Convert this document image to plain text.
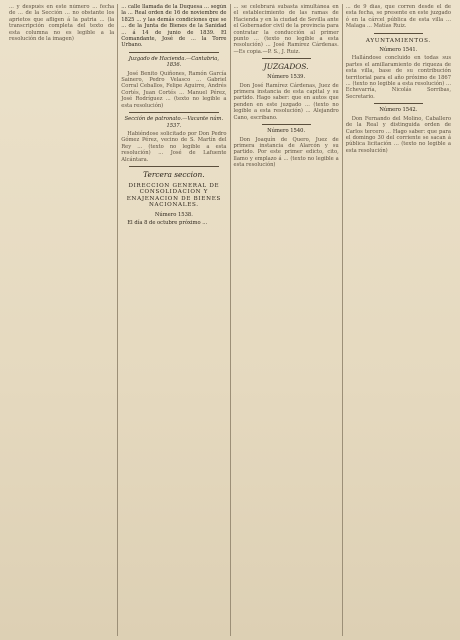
... y después en este número ... fecha de ... de la Sección ... no obstante los aprietos que afligen á la patria ... (la transcripción completa del texto de esta columna no es legible a la resolución de la imagen)

... calle llamada de la Duquesa ... según la ... Real orden de 16 de noviembre de 1825 ... y las demás condiciones que se ... de la Junta de Bienes de la Sanidad ... á 14 de junio de 1839. El Comandante, José de ... la Torre Urbano.

Juzgado de Hacienda.—Cantabria, 1836.

José Benito Quiñones, Ramón García Sainero, Pedro Velasco ... Gabriel Corral Ceballos, Felipe Aguirre, Andrés Cortés, Juan Cortés ... Manuel Pérez, José Rodríguez ... (texto no legible a esta resolución)

Sección de patronato.—Vacante núm. 1537.

Habiéndose solicitado por Don Pedro Gómez Pérez, vecino de S. Martín del Rey ... (texto no legible a esta resolución) ... José de Lafuente Alcántara.

Tercera seccion.

DIRECCION GENERAL DE CONSOLIDACION Y ENAJENACION DE BIENES NACIONALES.

Número 1538.

El día 8 de octubre próximo ...

... se celebrará subasta simultánea en el establecimiento de las ramas de Hacienda y en la ciudad de Sevilla ante el Gobernador civil de la provincia para contratar la conducción al primer punto ... (texto no legible a esta resolución) ... José Ramírez Cárdenas.—Es copia.—P. S., J. Ruiz.

JUZGADOS.

Número 1539.

Don José Ramírez Cárdenas, Juez de primera instancia de esta capital y su partido. Hago saber: que en autos que penden en este juzgado ... (texto no legible a esta resolución) ... Alejandro Cano, escribano.

Número 1540.

Don Joaquín de Quero, Juez de primera instancia de Alarcón y su partido. Por este primer edicto, cito, llamo y emplazo á ... (texto no legible a esta resolución)

... de 9 días, que corren desde el de esta fecha, se presente en este juzgado ó en la cárcel pública de esta villa ... Malaga ... Matías Ruiz.

AYUNTAMIENTOS.

Número 1541.

Hallándose concluido en todas sus partes el amillaramiento de riqueza de esta villa, base de su contribución territorial para el año próximo de 1867 ... (texto no legible a esta resolución) ... Echevarría, Nicolás Sorribas, Secretario.

Número 1542.

Don Fernando del Molino, Caballero de la Real y distinguida orden de Carlos tercero ... Hago saber: que para el domingo 30 del corriente se sacan á pública licitación ... (texto no legible a esta resolución)
